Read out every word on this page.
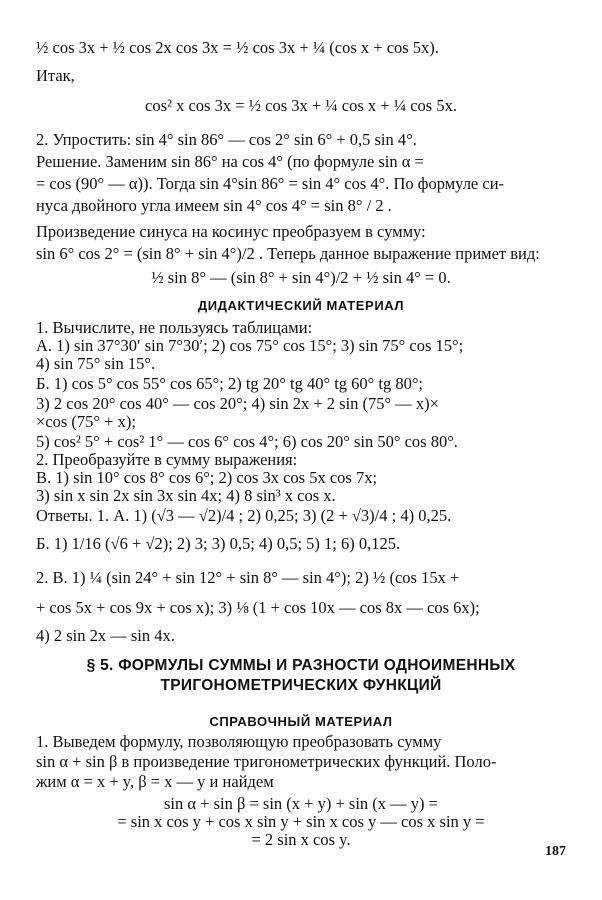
½ cos 3x + ½ cos 2x cos 3x = ½ cos 3x + ¼ (cos x + cos 5x).
Итак,
cos² x cos 3x = ½ cos 3x + ¼ cos x + ¼ cos 5x.
2. Упростить: sin 4° sin 86° — cos 2° sin 6° + 0,5 sin 4°.
Решение. Заменим sin 86° на cos 4° (по формуле sin α =
= cos (90° — α)). Тогда sin 4°sin 86° = sin 4° cos 4°. По формуле си-
нуса двойного угла имеем sin 4° cos 4° = sin 8° / 2 .
Произведение синуса на косинус преобразуем в сумму:
sin 6° cos 2° = (sin 8° + sin 4°)/2 . Теперь данное выражение примет вид:
½ sin 8° — (sin 8° + sin 4°)/2 + ½ sin 4° = 0.
ДИДАКТИЧЕСКИЙ МАТЕРИАЛ
1. Вычислите, не пользуясь таблицами:
А. 1) sin 37°30′ sin 7°30′; 2) cos 75° cos 15°; 3) sin 75° cos 15°;
4) sin 75° sin 15°.
Б. 1) cos 5° cos 55° cos 65°; 2) tg 20° tg 40° tg 60° tg 80°;
3) 2 cos 20° cos 40° — cos 20°; 4) sin 2x + 2 sin (75° — x)×
×cos (75° + x);
5) cos² 5° + cos² 1° — cos 6° cos 4°; 6) cos 20° sin 50° cos 80°.
2. Преобразуйте в сумму выражения:
В. 1) sin 10° cos 8° cos 6°; 2) cos 3x cos 5x cos 7x;
3) sin x sin 2x sin 3x sin 4x; 4) 8 sin³ x cos x.
Ответы. 1. А. 1) (√3 — √2)/4 ; 2) 0,25; 3) (2 + √3)/4 ; 4) 0,25.
Б. 1) 1/16 (√6 + √2); 2) 3; 3) 0,5; 4) 0,5; 5) 1; 6) 0,125.
2. В. 1) ¼ (sin 24° + sin 12° + sin 8° — sin 4°); 2) ½ (cos 15x +
+ cos 5x + cos 9x + cos x); 3) ⅛ (1 + cos 10x — cos 8x — cos 6x);
4) 2 sin 2x — sin 4x.
§ 5. ФОРМУЛЫ СУММЫ И РАЗНОСТИ ОДНОИМЕННЫХ
ТРИГОНОМЕТРИЧЕСКИХ ФУНКЦИЙ
СПРАВОЧНЫЙ МАТЕРИАЛ
1. Выведем формулу, позволяющую преобразовать сумму
sin α + sin β в произведение тригонометрических функций. Поло-
жим α = x + y, β = x — y и найдем
sin α + sin β = sin (x + y) + sin (x — y) =
= sin x cos y + cos x sin y + sin x cos y — cos x sin y =
= 2 sin x cos y.
187
